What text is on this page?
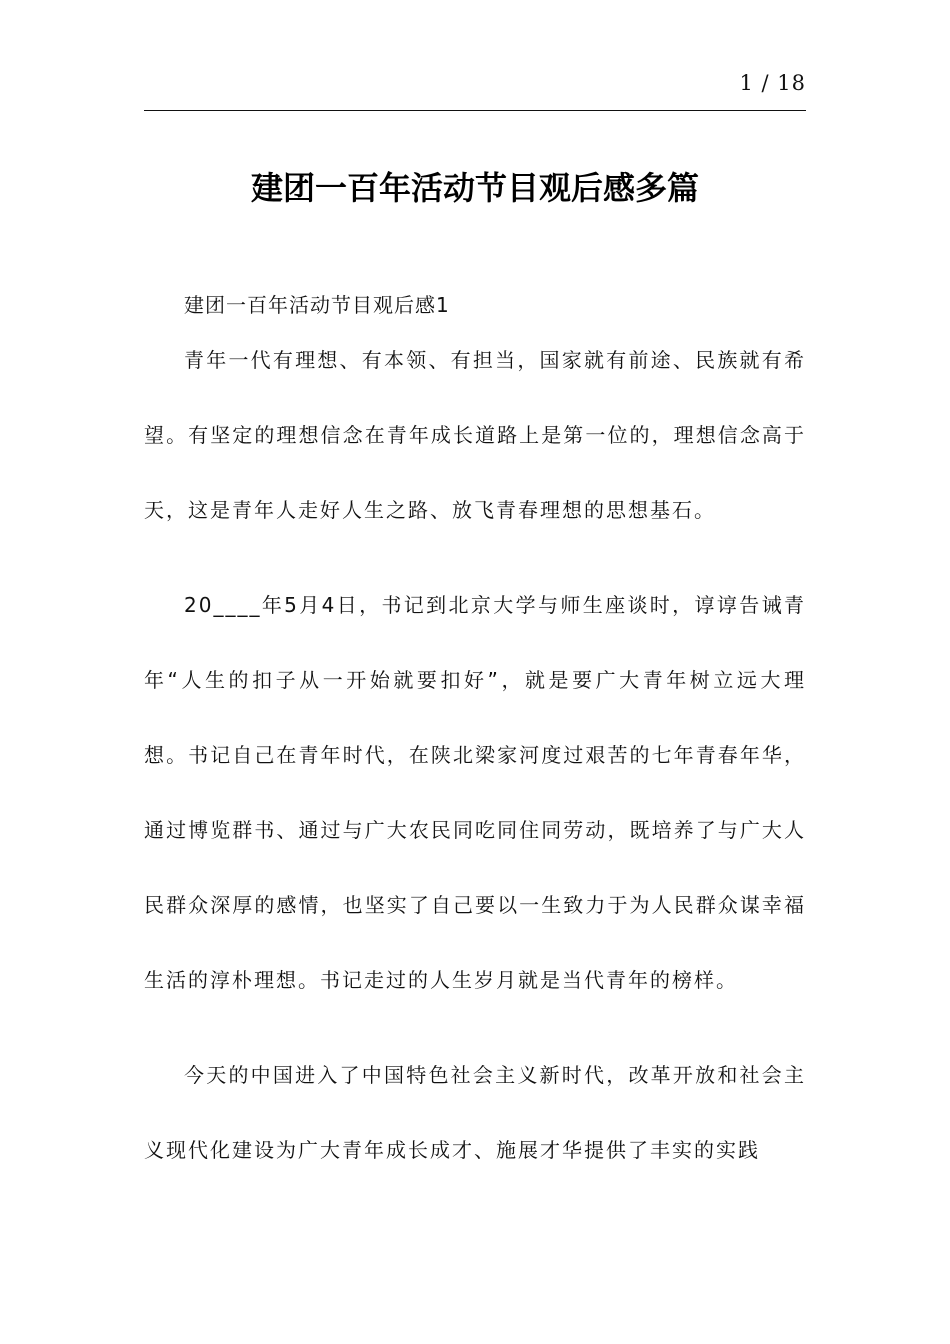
1 / 18
建团一百年活动节目观后感多篇

建团一百年活动节目观后感1

青年一代有理想、有本领、有担当，国家就有前途、民族就有希望。有坚定的理想信念在青年成长道路上是第一位的，理想信念高于天，这是青年人走好人生之路、放飞青春理想的思想基石。

20____年5月4日，书记到北京大学与师生座谈时，谆谆告诫青年“人生的扣子从一开始就要扣好”，就是要广大青年树立远大理想。书记自己在青年时代，在陕北梁家河度过艰苦的七年青春年华，通过博览群书、通过与广大农民同吃同住同劳动，既培养了与广大人民群众深厚的感情，也坚实了自己要以一生致力于为人民群众谋幸福生活的淳朴理想。书记走过的人生岁月就是当代青年的榜样。

今天的中国进入了中国特色社会主义新时代，改革开放和社会主义现代化建设为广大青年成长成才、施展才华提供了丰实的实践
